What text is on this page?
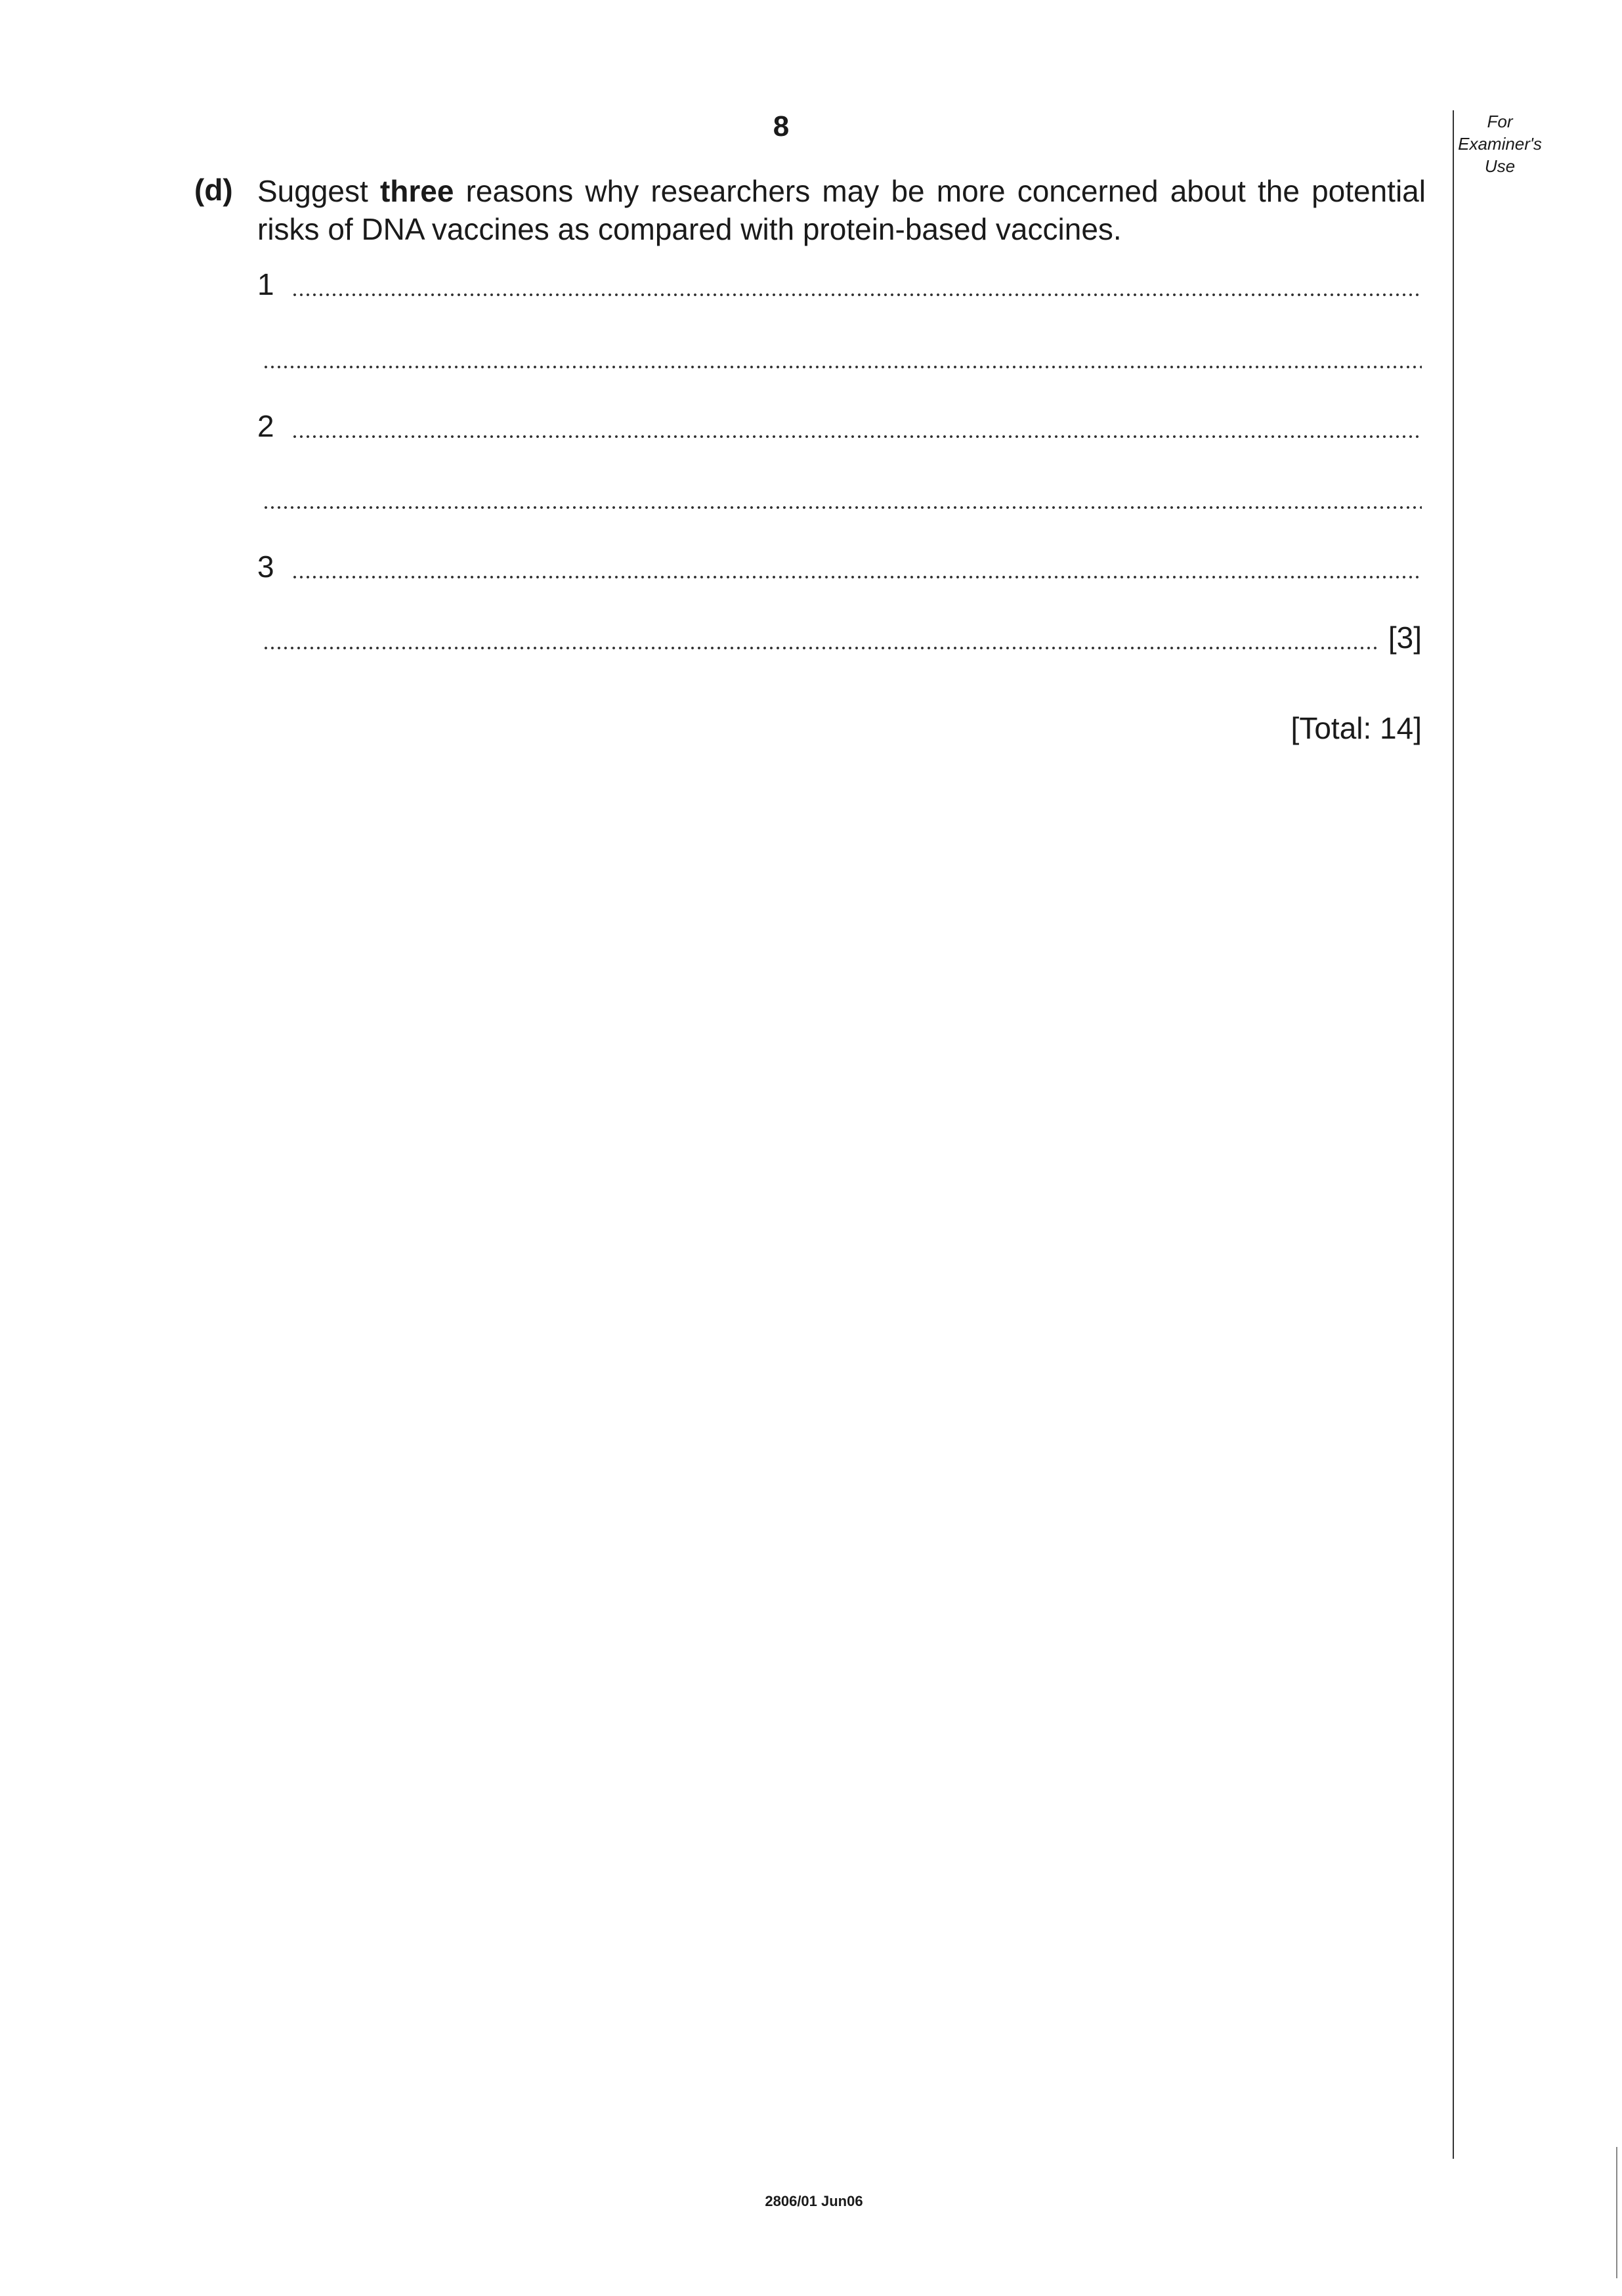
8	For
Examiner's
Use
(d) Suggest three reasons why researchers may be more concerned about the potential risks of DNA vaccines as compared with protein-based vaccines.
1
2
3
[3]
[Total: 14]
2806/01 Jun06
